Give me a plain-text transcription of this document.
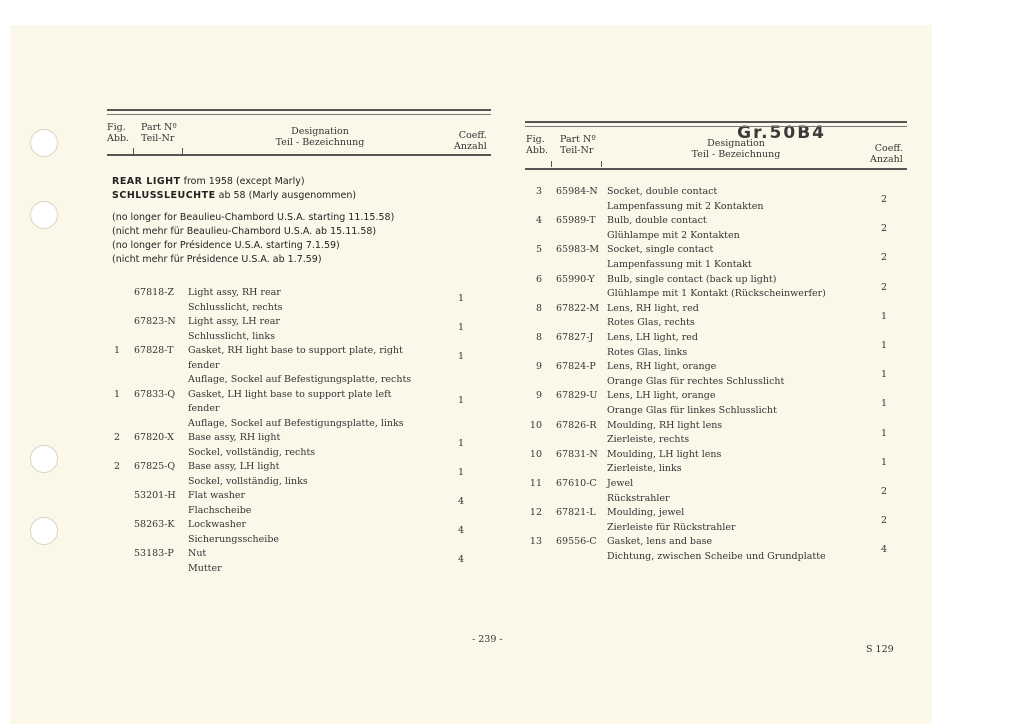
Gr.50B4
Fig.
Abb.
Part Nº
Teil-Nr
Designation
Teil - Bezeichnung
Coeff.
Anzahl
REAR LIGHT from 1958 (except Marly)
SCHLUSSLEUCHTE ab 58 (Marly ausgenommen)
(no longer for Beaulieu-Chambord U.S.A. starting 11.15.58)
(nicht mehr für Beaulieu-Chambord U.S.A. ab 15.11.58)
(no longer for Présidence U.S.A. starting 7.1.59)
(nicht mehr für Présidence U.S.A. ab 1.7.59)
67818-Z Light assy, RH rear
Schlusslicht, rechts
1
67823-N Light assy, LH rear
Schlusslicht, links
1
1 67828-T Gasket, RH light base to support plate, right
fender
Auflage, Sockel auf Befestigungsplatte, rechts
1
1 67833-Q Gasket, LH light base to support plate left
fender
Auflage, Sockel auf Befestigungsplatte, links
1
2 67820-X Base assy, RH light
Sockel, vollständig, rechts
1
2 67825-Q Base assy, LH light
Sockel, vollständig, links
1
53201-H Flat washer
Flachscheibe
4
58263-K Lockwasher
Sicherungsscheibe
4
53183-P Nut
Mutter
4
Fig.
Abb.
Part Nº
Teil-Nr
Designation
Teil - Bezeichnung
Coeff.
Anzahl
3 65984-N Socket, double contact
Lampenfassung mit 2 Kontakten
2
4 65989-T Bulb, double contact
Glühlampe mit 2 Kontakten
2
5 65983-M Socket, single contact
Lampenfassung mit 1 Kontakt
2
6 65990-Y Bulb, single contact (back up light)
Glühlampe mit 1 Kontakt (Rückscheinwerfer)
2
8 67822-M Lens, RH light, red
Rotes Glas, rechts
1
8 67827-J Lens, LH light, red
Rotes Glas, links
1
9 67824-P Lens, RH light, orange
Orange Glas für rechtes Schlusslicht
1
9 67829-U Lens, LH light, orange
Orange Glas für linkes Schlusslicht
1
10 67826-R Moulding, RH light lens
Zierleiste, rechts
1
10 67831-N Moulding, LH light lens
Zierleiste, links
1
11 67610-C Jewel
Rückstrahler
2
12 67821-L Moulding, jewel
Zierleiste für Rückstrahler
2
13 69556-C Gasket, lens and base
Dichtung, zwischen Scheibe und Grundplatte
4
- 239 -
S 129
